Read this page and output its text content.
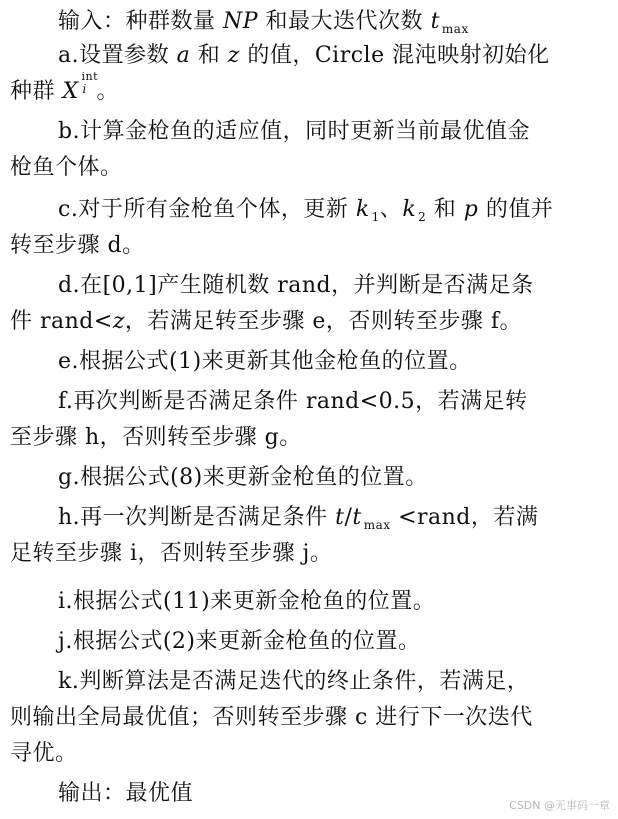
输入：种群数量 NP 和最大迭代次数 t $_{max}$
a.设置参数 a 和 z 的值，Circle 混沌映射初始化
种群 X
int
i 。
b.计算金枪鱼的适应值，同时更新当前最优值金
枪鱼个体。
c.对于所有金枪鱼个体，更新 k $_1$、k $_2$ 和 p 的值并
转至步骤 d。
d.在[0,1]产生随机数 rand，并判断是否满足条
件 rand<z，若满足转至步骤 e，否则转至步骤 f。
e.根据公式(1)来更新其他金枪鱼的位置。
f.再次判断是否满足条件 rand<0.5，若满足转
至步骤 h，否则转至步骤 g。
g.根据公式(8)来更新金枪鱼的位置。
h.再一次判断是否满足条件 t/t $_{max}$ <rand，若满
足转至步骤 i，否则转至步骤 j。
i.根据公式(11)来更新金枪鱼的位置。
j.根据公式(2)来更新金枪鱼的位置。
k.判断算法是否满足迭代的终止条件，若满足，
则输出全局最优值；否则转至步骤 c 进行下一次迭代
寻优。
输出：最优值	CSDN @无事码一章
